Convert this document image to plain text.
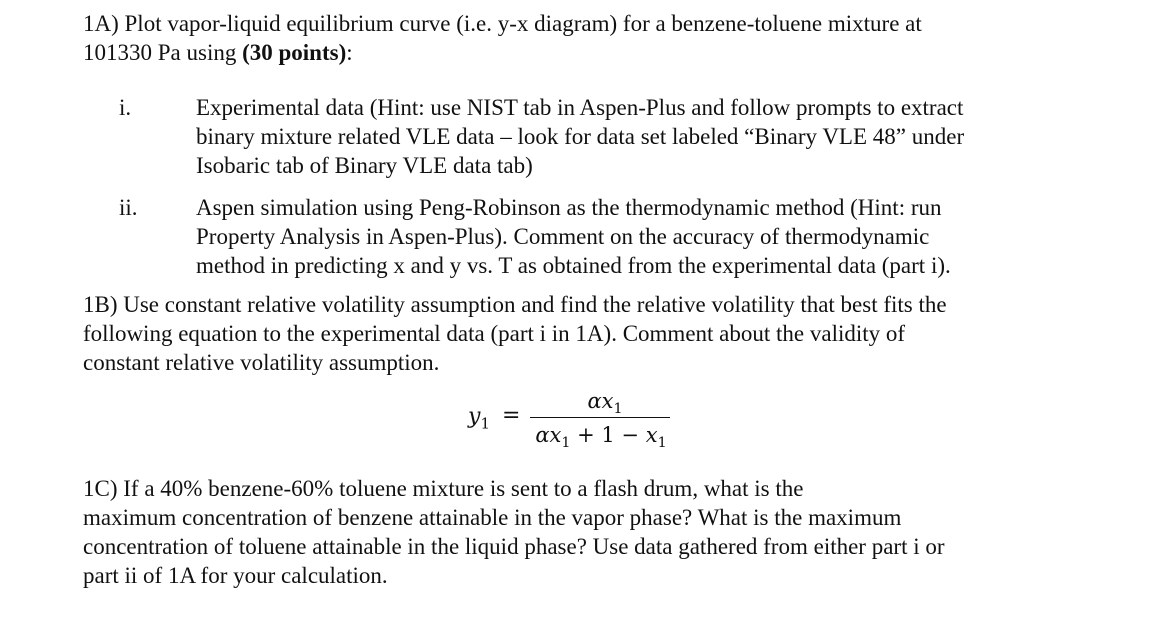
1A) Plot vapor-liquid equilibrium curve (i.e. y-x diagram) for a benzene-toluene mixture at
101330 Pa using (30 points):

i.	Experimental data (Hint: use NIST tab in Aspen-Plus and follow prompts to extract
binary mixture related VLE data – look for data set labeled “Binary VLE 48” under
Isobaric tab of Binary VLE data tab)
ii.	Aspen simulation using Peng-Robinson as the thermodynamic method (Hint: run
Property Analysis in Aspen-Plus). Comment on the accuracy of thermodynamic
method in predicting x and y vs. T as obtained from the experimental data (part i).

1B) Use constant relative volatility assumption and find the relative volatility that best fits the
following equation to the experimental data (part i in 1A). Comment about the validity of
constant relative volatility assumption.

$y_1$ =
$\alpha x_1$
$\alpha x_1 + 1 - x_1$

1C) If a 40% benzene-60% toluene mixture is sent to a flash drum, what is the
maximum concentration of benzene attainable in the vapor phase? What is the maximum
concentration of toluene attainable in the liquid phase? Use data gathered from either part i or
part ii of 1A for your calculation.
